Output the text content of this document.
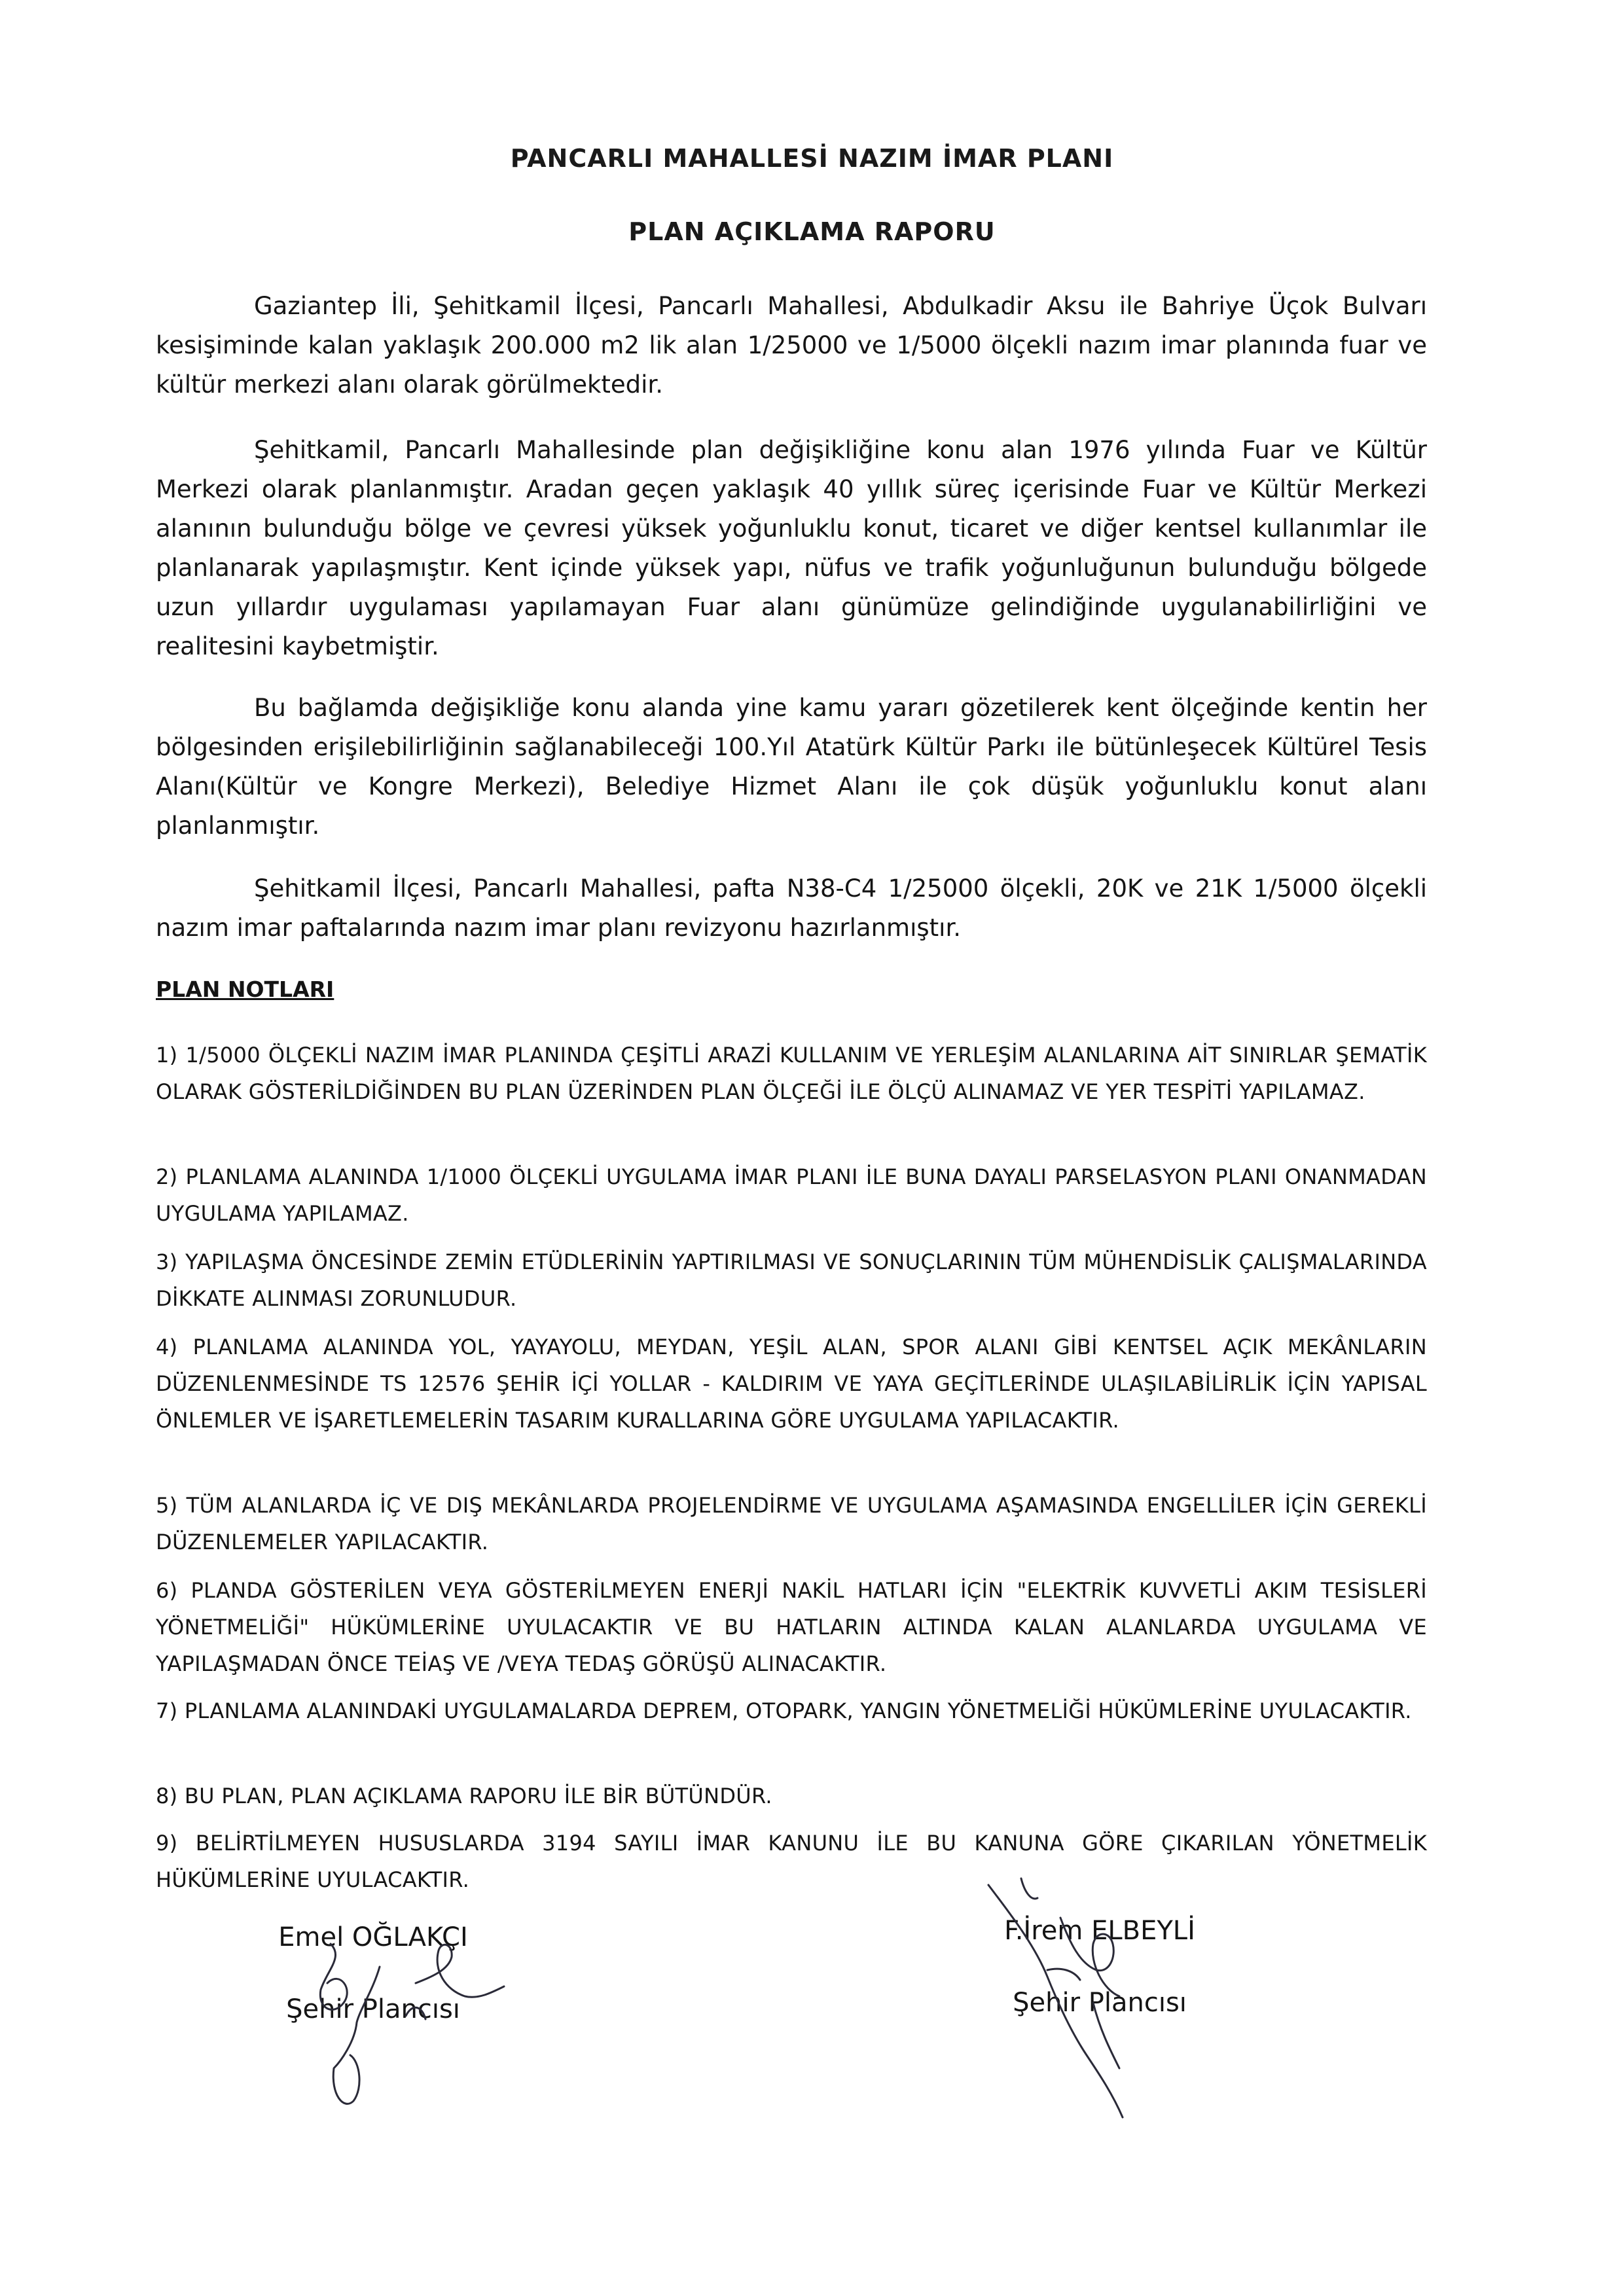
PANCARLI MAHALLESİ NAZIM İMAR PLANI
PLAN AÇIKLAMA RAPORU

Gaziantep İli, Şehitkamil İlçesi, Pancarlı Mahallesi, Abdulkadir Aksu ile Bahriye Üçok Bulvarı kesişiminde kalan yaklaşık 200.000 m2 lik alan 1/25000 ve 1/5000 ölçekli nazım imar planında fuar ve kültür merkezi alanı olarak görülmektedir.

Şehitkamil, Pancarlı Mahallesinde plan değişikliğine konu alan 1976 yılında Fuar ve Kültür Merkezi olarak planlanmıştır. Aradan geçen yaklaşık 40 yıllık süreç içerisinde Fuar ve Kültür Merkezi alanının bulunduğu bölge ve çevresi yüksek yoğunluklu konut, ticaret ve diğer kentsel kullanımlar ile planlanarak yapılaşmıştır. Kent içinde yüksek yapı, nüfus ve trafik yoğunluğunun bulunduğu bölgede uzun yıllardır uygulaması yapılamayan Fuar alanı günümüze gelindiğinde uygulanabilirliğini ve realitesini kaybetmiştir.

Bu bağlamda değişikliğe konu alanda yine kamu yararı gözetilerek kent ölçeğinde kentin her bölgesinden erişilebilirliğinin sağlanabileceği 100.Yıl Atatürk Kültür Parkı ile bütünleşecek Kültürel Tesis Alanı(Kültür ve Kongre Merkezi), Belediye Hizmet Alanı ile çok düşük yoğunluklu konut alanı planlanmıştır.

Şehitkamil İlçesi, Pancarlı Mahallesi, pafta N38-C4 1/25000 ölçekli, 20K ve 21K 1/5000 ölçekli nazım imar paftalarında nazım imar planı revizyonu hazırlanmıştır.

PLAN NOTLARI

1) 1/5000 ÖLÇEKLİ NAZIM İMAR PLANINDA ÇEŞİTLİ ARAZİ KULLANIM VE YERLEŞİM ALANLARINA AİT SINIRLAR ŞEMATİK OLARAK GÖSTERİLDİĞİNDEN BU PLAN ÜZERİNDEN PLAN ÖLÇEĞİ İLE ÖLÇÜ ALINAMAZ VE YER TESPİTİ YAPILAMAZ.

2) PLANLAMA ALANINDA 1/1000 ÖLÇEKLİ UYGULAMA İMAR PLANI İLE BUNA DAYALI PARSELASYON PLANI ONANMADAN UYGULAMA YAPILAMAZ.

3) YAPILAŞMA ÖNCESİNDE ZEMİN ETÜDLERİNİN YAPTIRILMASI VE SONUÇLARININ TÜM MÜHENDİSLİK ÇALIŞMALARINDA DİKKATE ALINMASI ZORUNLUDUR.

4) PLANLAMA ALANINDA YOL, YAYAYOLU, MEYDAN, YEŞİL ALAN, SPOR ALANI GİBİ KENTSEL AÇIK MEKÂNLARIN DÜZENLENMESİNDE TS 12576 ŞEHİR İÇİ YOLLAR - KALDIRIM VE YAYA GEÇİTLERİNDE ULAŞILABİLİRLİK İÇİN YAPISAL ÖNLEMLER VE İŞARETLEMELERİN TASARIM KURALLARINA GÖRE UYGULAMA YAPILACAKTIR.

5) TÜM ALANLARDA İÇ VE DIŞ MEKÂNLARDA PROJELENDİRME VE UYGULAMA AŞAMASINDA ENGELLİLER İÇİN GEREKLİ DÜZENLEMELER YAPILACAKTIR.

6) PLANDA GÖSTERİLEN VEYA GÖSTERİLMEYEN ENERJİ NAKİL HATLARI İÇİN "ELEKTRİK KUVVETLİ AKIM TESİSLERİ YÖNETMELİĞİ" HÜKÜMLERİNE UYULACAKTIR VE BU HATLARIN ALTINDA KALAN ALANLARDA UYGULAMA VE YAPILAŞMADAN ÖNCE TEİAŞ VE /VEYA TEDAŞ GÖRÜŞÜ ALINACAKTIR.

7) PLANLAMA ALANINDAKİ UYGULAMALARDA DEPREM, OTOPARK, YANGIN YÖNETMELİĞİ HÜKÜMLERİNE UYULACAKTIR.

8) BU PLAN, PLAN AÇIKLAMA RAPORU İLE BİR BÜTÜNDÜR.

9) BELİRTİLMEYEN HUSUSLARDA 3194 SAYILI İMAR KANUNU İLE BU KANUNA GÖRE ÇIKARILAN YÖNETMELİK HÜKÜMLERİNE UYULACAKTIR.

Emel OĞLAKÇI
Şehir Plancısı
F.İrem ELBEYLİ
Şehir Plancısı
